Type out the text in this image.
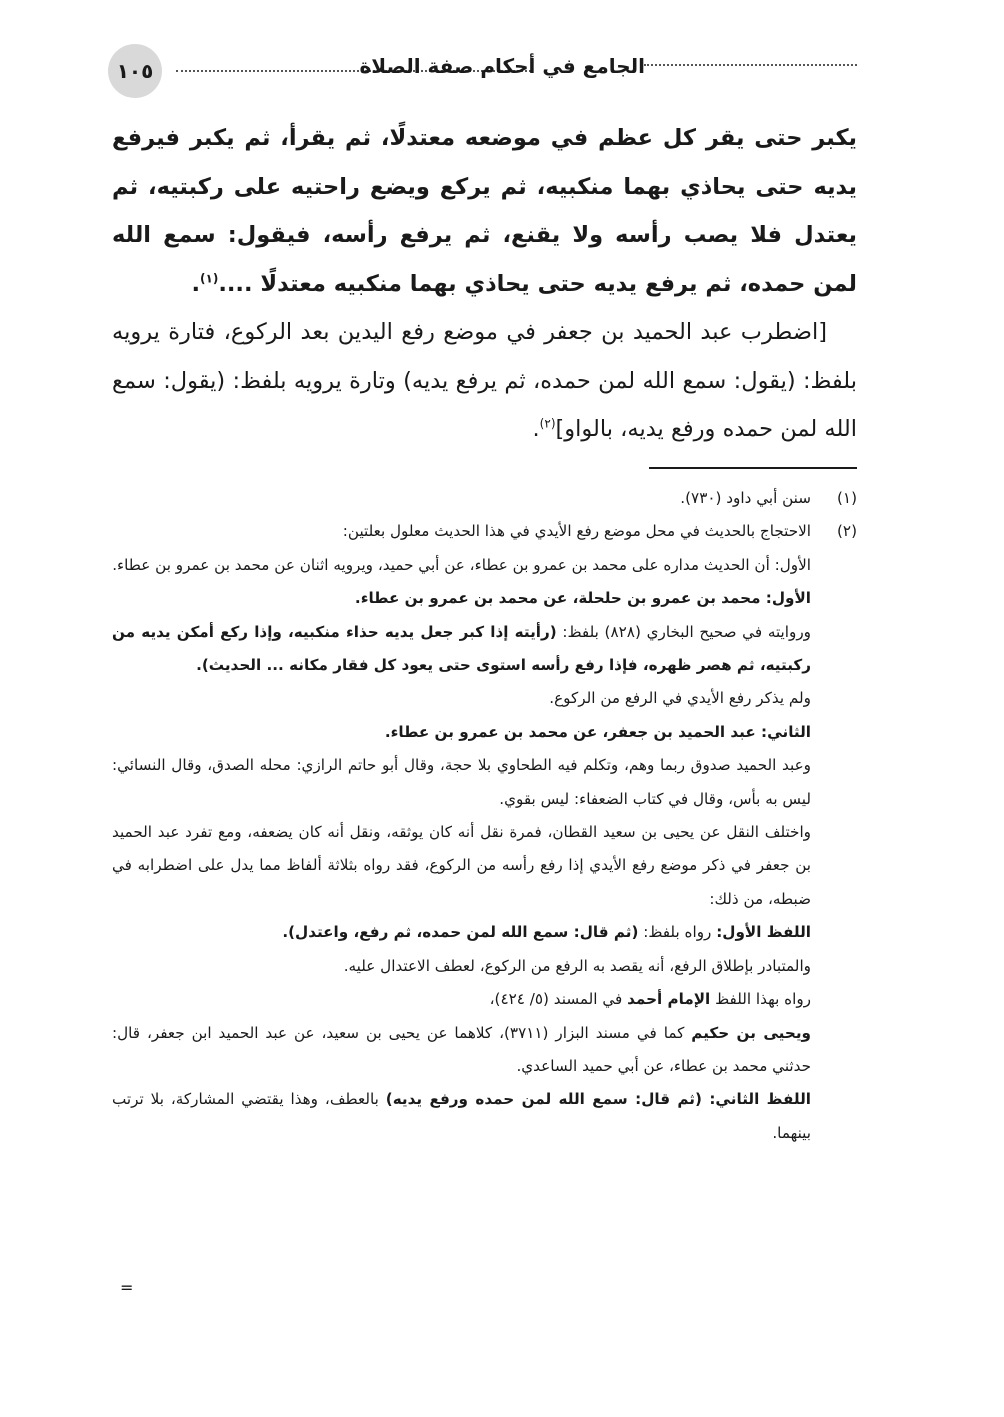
١٠٥	الجامع في أحكام صفة الصلاة

يكبر حتى يقر كل عظم في موضعه معتدلًا، ثم يقرأ، ثم يكبر فيرفع يديه حتى يحاذي بهما منكبيه، ثم يركع ويضع راحتيه على ركبتيه، ثم يعتدل فلا يصب رأسه ولا يقنع، ثم يرفع رأسه، فيقول: سمع الله لمن حمده، ثم يرفع يديه حتى يحاذي بهما منكبيه معتدلًا ....$^{(١)}$.

[اضطرب عبد الحميد بن جعفر في موضع رفع اليدين بعد الركوع، فتارة يرويه بلفظ: (يقول: سمع الله لمن حمده، ثم يرفع يديه) وتارة يرويه بلفظ: (يقول: سمع الله لمن حمده ورفع يديه، بالواو]$^{(٢)}$.

(١)
سنن أبي داود (٧٣٠).
(٢)
الاحتجاج بالحديث في محل موضع رفع الأيدي في هذا الحديث معلول بعلتين:

الأول: أن الحديث مداره على محمد بن عمرو بن عطاء، عن أبي حميد، ويرويه اثنان عن محمد بن عمرو بن عطاء.

الأول: محمد بن عمرو بن حلحلة، عن محمد بن عمرو بن عطاء.

وروايته في صحيح البخاري (٨٢٨) بلفظ: (رأيته إذا كبر جعل يديه حذاء منكبيه، وإذا ركع أمكن يديه من ركبتيه، ثم هصر ظهره، فإذا رفع رأسه استوى حتى يعود كل فقار مكانه ... الحديث).

ولم يذكر رفع الأيدي في الرفع من الركوع.

الثاني: عبد الحميد بن جعفر، عن محمد بن عمرو بن عطاء.

وعبد الحميد صدوق ربما وهم، وتكلم فيه الطحاوي بلا حجة، وقال أبو حاتم الرازي: محله الصدق، وقال النسائي: ليس به بأس، وقال في كتاب الضعفاء: ليس بقوي.

واختلف النقل عن يحيى بن سعيد القطان، فمرة نقل أنه كان يوثقه، ونقل أنه كان يضعفه، ومع تفرد عبد الحميد بن جعفر في ذكر موضع رفع الأيدي إذا رفع رأسه من الركوع، فقد رواه بثلاثة ألفاظ مما يدل على اضطرابه في ضبطه، من ذلك:

اللفظ الأول: رواه بلفظ: (ثم قال: سمع الله لمن حمده، ثم رفع، واعتدل).

والمتبادر بإطلاق الرفع، أنه يقصد به الرفع من الركوع، لعطف الاعتدال عليه.

رواه بهذا اللفظ الإمام أحمد في المسند (٥/ ٤٢٤)،

ويحيى بن حكيم كما في مسند البزار (٣٧١١)، كلاهما عن يحيى بن سعيد، عن عبد الحميد ابن جعفر، قال: حدثني محمد بن عطاء، عن أبي حميد الساعدي.

اللفظ الثاني: (ثم قال: سمع الله لمن حمده ورفع يديه) بالعطف، وهذا يقتضي المشاركة، بلا ترتب بينهما.

=
